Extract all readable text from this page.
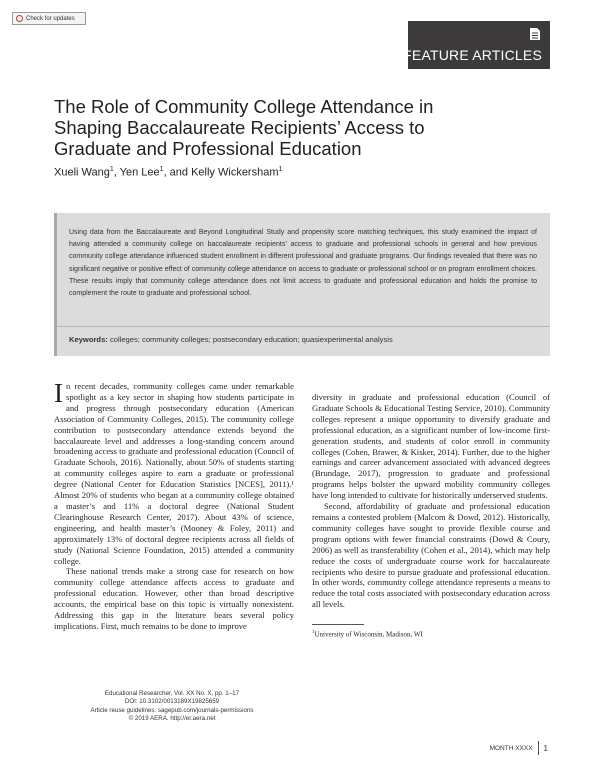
Check for updates
FEATURE ARTICLES
The Role of Community College Attendance in Shaping Baccalaureate Recipients’ Access to Graduate and Professional Education
Xueli Wang$^1$, Yen Lee$^1$, and Kelly Wickersham$^1$

Using data from the Baccalaureate and Beyond Longitudinal Study and propensity score matching techniques, this study examined the impact of having attended a community college on baccalaureate recipients’ access to graduate and professional schools in general and how previous community college attendance influenced student enrollment in different professional and graduate programs. Our findings revealed that there was no significant negative or positive effect of community college attendance on access to graduate or professional school or on program enrollment choices. These results imply that community college attendance does not limit access to graduate and professional education and holds the promise to complement the route to graduate and professional school.

Keywords: colleges; community colleges; postsecondary education; quasiexperimental analysis

In recent decades, community colleges came under remarkable spotlight as a key sector in shaping how students participate in and progress through postsecondary education (American Association of Community Colleges, 2015). The community college contribution to postsecondary attendance extends beyond the baccalaureate level and addresses a long-standing concern around broadening access to graduate and professional education (Council of Graduate Schools, 2016). Nationally, about 50% of students starting at community colleges aspire to earn a graduate or professional degree (National Center for Education Statistics [NCES], 2011).¹ Almost 20% of students who began at a community college obtained a master’s and 11% a doctoral degree (National Student Clearinghouse Research Center, 2017). About 43% of science, engineering, and health master’s (Mooney & Foley, 2011) and approximately 13% of doctoral degree recipients across all fields of study (National Science Foundation, 2015) attended a community college.

These national trends make a strong case for research on how community college attendance affects access to graduate and professional education. However, other than broad descriptive accounts, the empirical base on this topic is virtually nonexistent. Addressing this gap in the literature bears several policy implications. First, much remains to be done to improve

diversity in graduate and professional education (Council of Graduate Schools & Educational Testing Service, 2010). Community colleges represent a unique opportunity to diversify graduate and professional education, as a significant number of low-income first-generation students, and students of color enroll in community colleges (Cohen, Brawer, & Kisker, 2014). Further, due to the higher earnings and career advancement associated with advanced degrees (Brundage, 2017), progression to graduate and professional programs helps bolster the upward mobility community colleges have long intended to cultivate for historically underserved students.

Second, affordability of graduate and professional education remains a contested problem (Malcom & Dowd, 2012). Historically, community colleges have sought to provide flexible course and program options with fewer financial constraints (Dowd & Coury, 2006) as well as transferability (Cohen et al., 2014), which may help reduce the costs of undergraduate course work for baccalaureate recipients who desire to pursue graduate and professional education. In other words, community college attendance represents a means to reduce the total costs associated with postsecondary education across all levels.

$^1$University of Wisconsin, Madison, WI
Educational Researcher, Vol. XX No. X, pp. 1–17
DOI: 10.3102/0013189X19825659
Article reuse guidelines: sagepub.com/journals-permissions
© 2019 AERA. http://er.aera.net
MONTH XXXX 1
